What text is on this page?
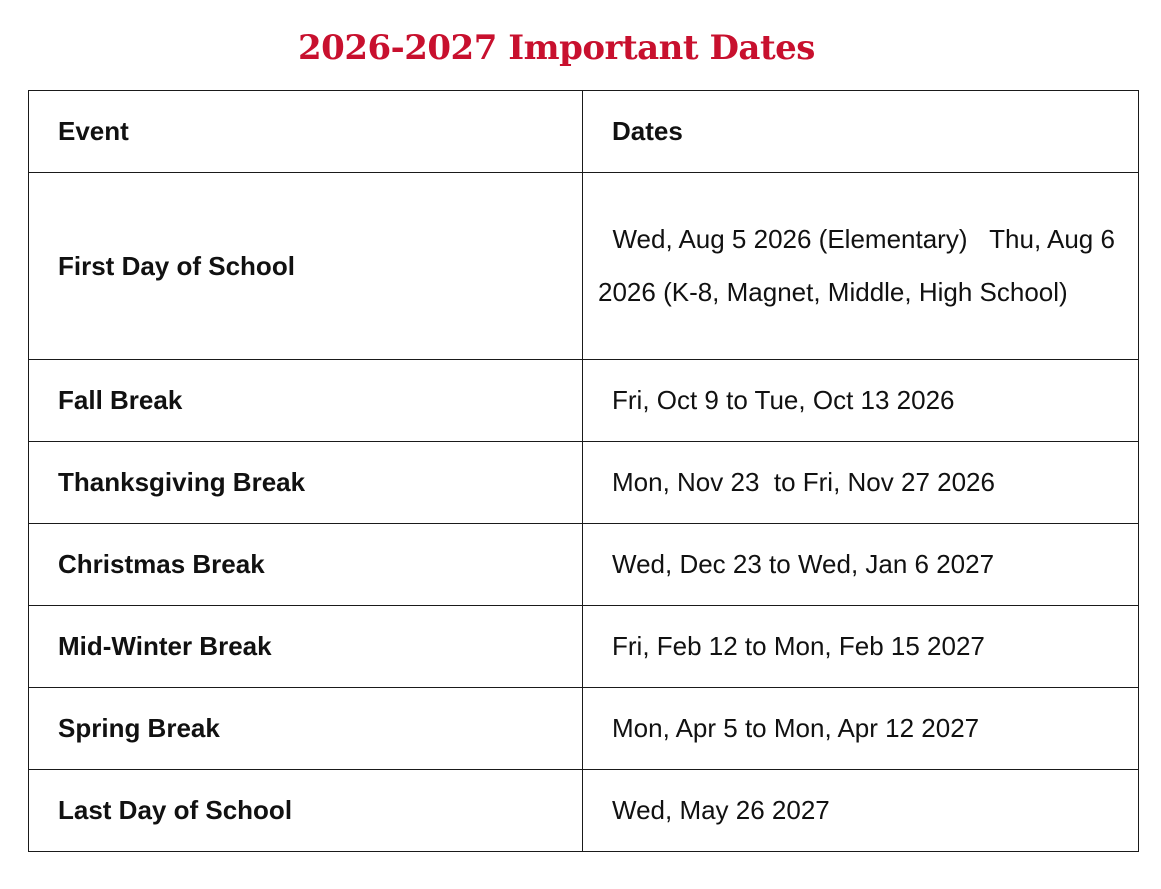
2026-2027 Important Dates
Event	Dates
First Day of School	Wed, Aug 5 2026 (Elementary)   Thu, Aug 6 2026 (K-8, Magnet, Middle, High School)
Fall Break	Fri, Oct 9 to Tue, Oct 13 2026
Thanksgiving Break	Mon, Nov 23  to Fri, Nov 27 2026
Christmas Break	Wed, Dec 23 to Wed, Jan 6 2027
Mid-Winter Break	Fri, Feb 12 to Mon, Feb 15 2027
Spring Break	Mon, Apr 5 to Mon, Apr 12 2027
Last Day of School	Wed, May 26 2027
